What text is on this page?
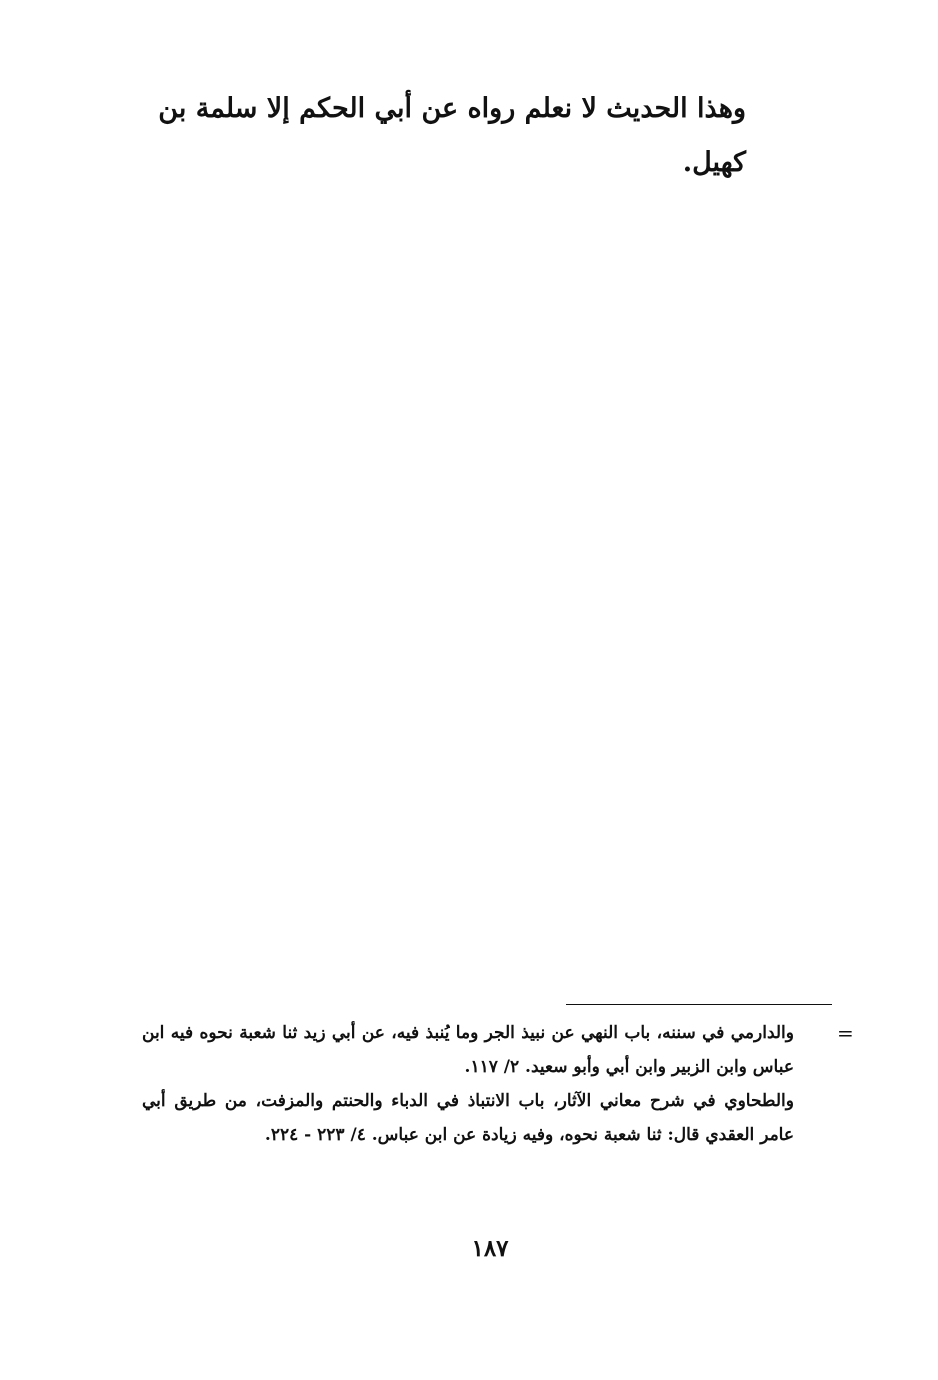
وهذا الحديث لا نعلم رواه عن أبي الحكم إلا سلمة بن كهيل.

=

والدارمي في سننه، باب النهي عن نبيذ الجر وما يُنبذ فيه، عن أبي زيد ثنا شعبة نحوه فيه ابن عباس وابن الزبير وابن أبي وأبو سعيد. ٢/ ١١٧.

والطحاوي في شرح معاني الآثار، باب الانتباذ في الدباء والحنتم والمزفت، من طريق أبي عامر العقدي قال: ثنا شعبة نحوه، وفيه زيادة عن ابن عباس. ٤/ ٢٢٣ - ٢٢٤.

١٨٧
